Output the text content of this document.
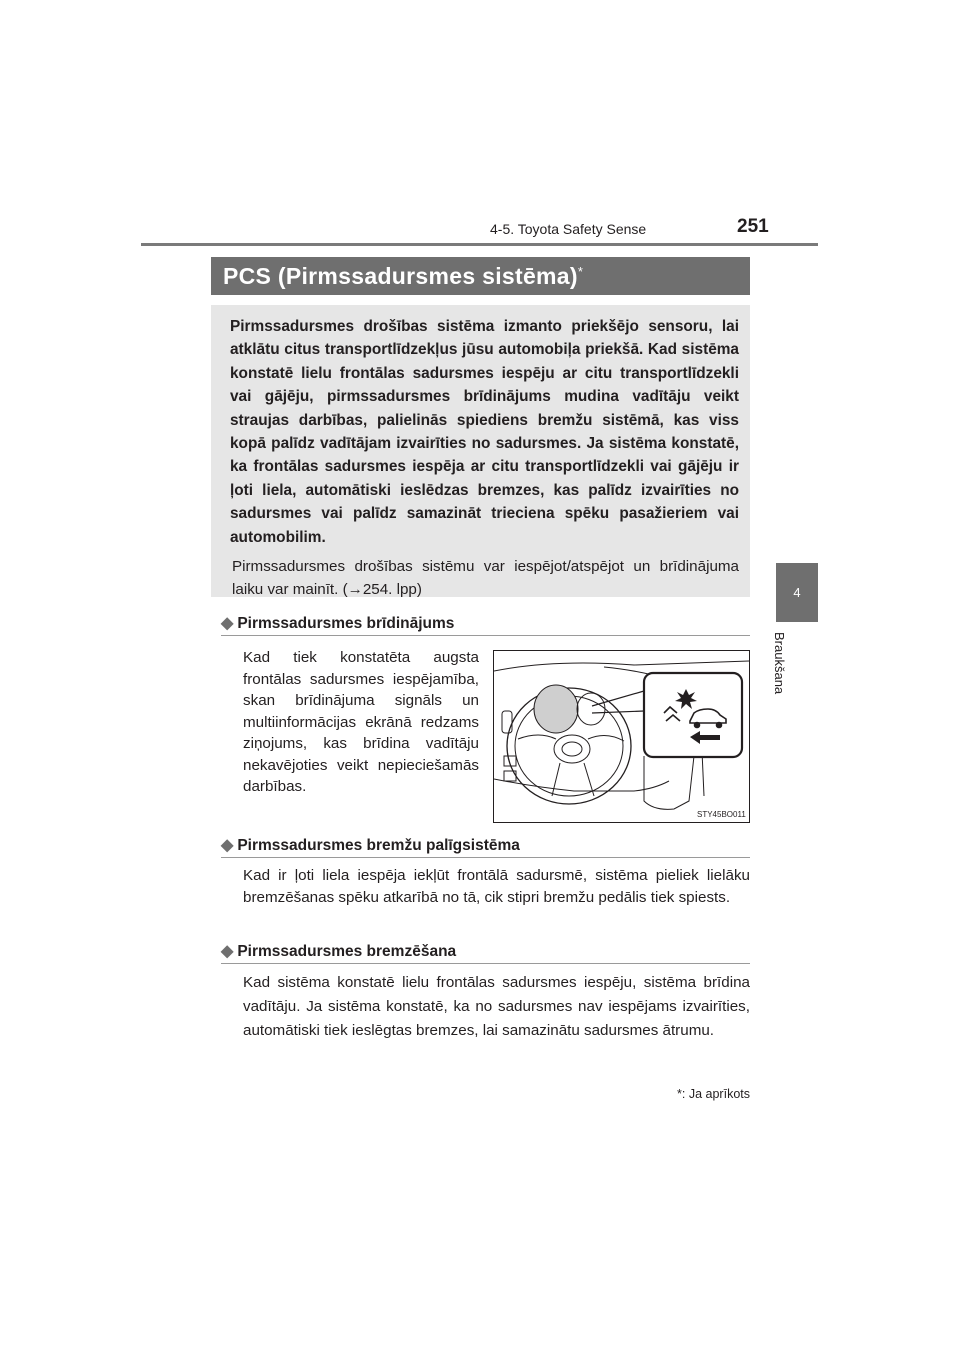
4-5. Toyota Safety Sense	251
4
Braukšana
PCS (Pirmssadursmes sistēma)*

Pirmssadursmes drošības sistēma izmanto priekšējo sensoru, lai atklātu citus transportlīdzekļus jūsu automobiļa priekšā. Kad sistēma konstatē lielu frontālas sadursmes iespēju ar citu transportlīdzekli vai gājēju, pirmssadursmes brīdinājums mudina vadītāju veikt straujas darbības, palielinās spiediens bremžu sistēmā, kas viss kopā palīdz vadītājam izvairīties no sadursmes. Ja sistēma konstatē, ka frontālas sadursmes iespēja ar citu transportlīdzekli vai gājēju ir ļoti liela, automātiski ieslēdzas bremzes, kas palīdz izvairīties no sadursmes vai palīdz samazināt trieciena spēku pasažieriem vai automobilim.

Pirmssadursmes drošības sistēmu var iespējot/atspējot un brīdinājuma laiku var mainīt. (→254. lpp)

◆ Pirmssadursmes brīdinājums

Kad tiek konstatēta augsta frontālas sadursmes iespējamība, skan brīdinājuma signāls un multiinformācijas ekrānā redzams ziņojums, kas brīdina vadītāju nekavējoties veikt nepieciešamās darbības.

STY45BO011
◆ Pirmssadursmes bremžu palīgsistēma

Kad ir ļoti liela iespēja iekļūt frontālā sadursmē, sistēma pieliek lielāku bremzēšanas spēku atkarībā no tā, cik stipri bremžu pedālis tiek spiests.

◆ Pirmssadursmes bremzēšana

Kad sistēma konstatē lielu frontālas sadursmes iespēju, sistēma brīdina vadītāju. Ja sistēma konstatē, ka no sadursmes nav iespējams izvairīties, automātiski tiek ieslēgtas bremzes, lai samazinātu sadursmes ātrumu.

*: Ja aprīkots
